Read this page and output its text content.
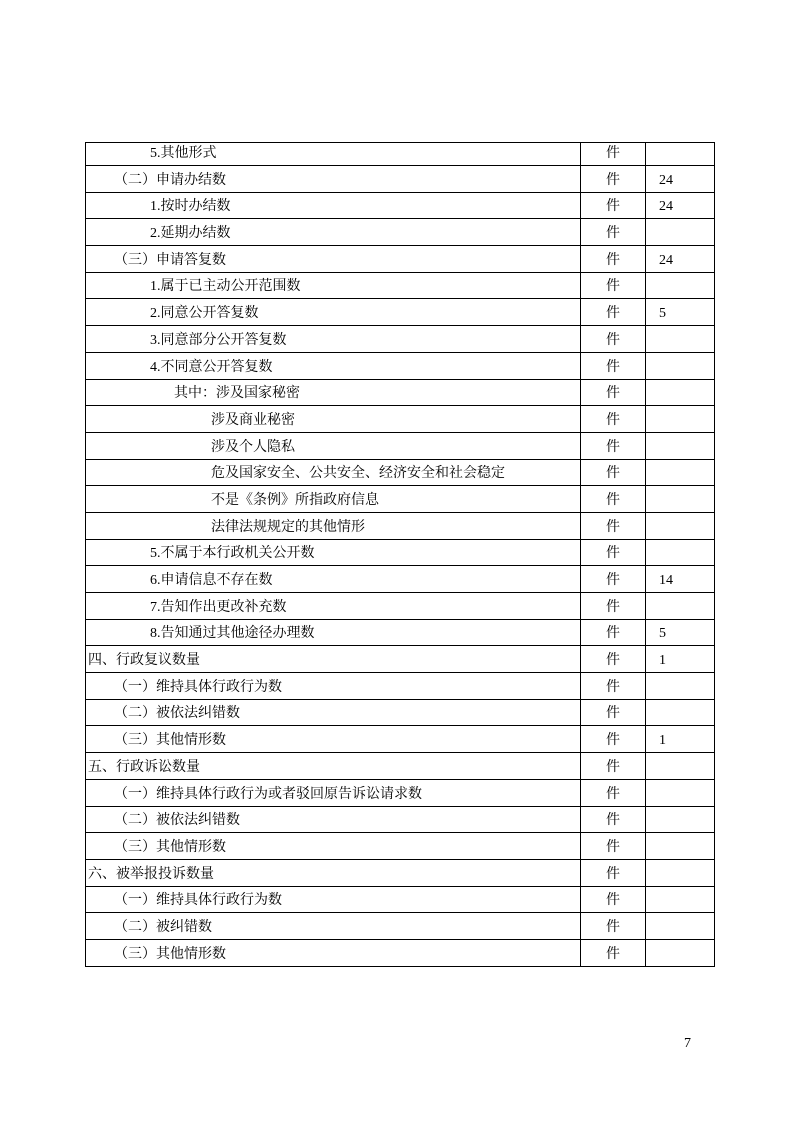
5.其他形式	件
（二）申请办结数	件	24
1.按时办结数	件	24
2.延期办结数	件
（三）申请答复数	件	24
1.属于已主动公开范围数	件
2.同意公开答复数	件	5
3.同意部分公开答复数	件
4.不同意公开答复数	件
其中：涉及国家秘密	件
涉及商业秘密	件
涉及个人隐私	件
危及国家安全、公共安全、经济安全和社会稳定	件
不是《条例》所指政府信息	件
法律法规规定的其他情形	件
5.不属于本行政机关公开数	件
6.申请信息不存在数	件	14
7.告知作出更改补充数	件
8.告知通过其他途径办理数	件	5
四、行政复议数量	件	1
（一）维持具体行政行为数	件
（二）被依法纠错数	件
（三）其他情形数	件	1
五、行政诉讼数量	件
（一）维持具体行政行为或者驳回原告诉讼请求数	件
（二）被依法纠错数	件
（三）其他情形数	件
六、被举报投诉数量	件
（一）维持具体行政行为数	件
（二）被纠错数	件
（三）其他情形数	件
7
